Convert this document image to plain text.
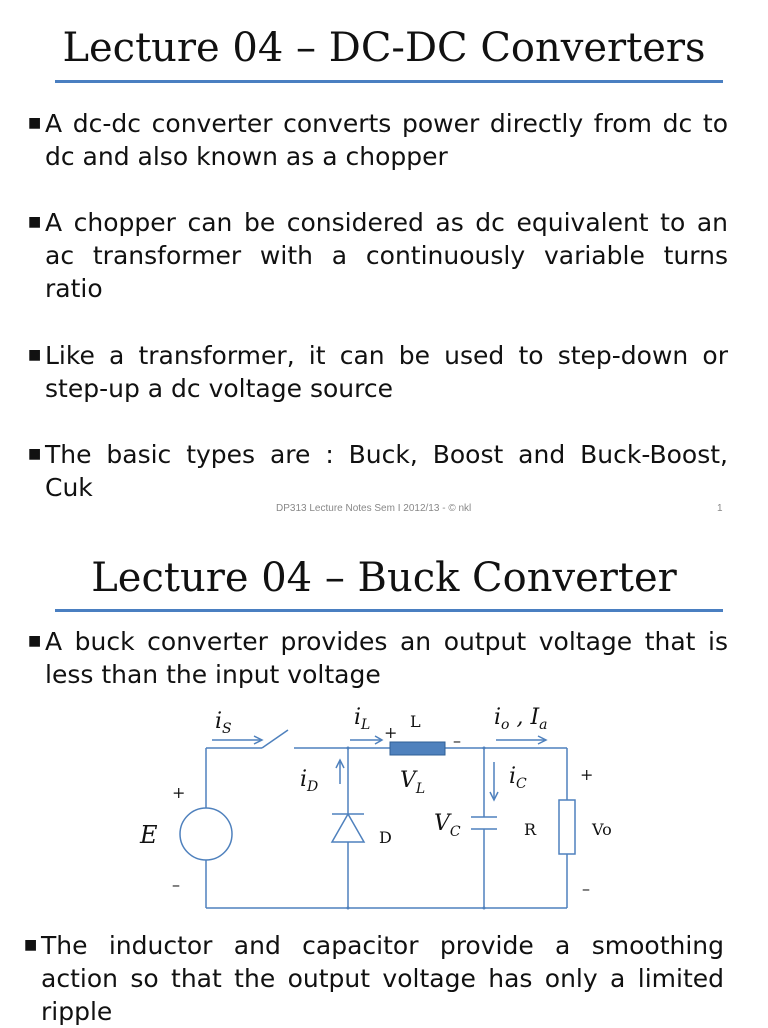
Lecture 04 – DC-DC Converters
■ A dc-dc converter converts power directly from dc to dc and also known as a chopper
■ A chopper can be considered as dc equivalent to an ac transformer with a continuously variable turns ratio
■ Like a transformer, it can be used to step-down or step-up a dc voltage source
■ The basic types are : Buck, Boost and Buck-Boost, Cuk
DP313 Lecture Notes Sem I 2012/13 - © nkl	1
Lecture 04 – Buck Converter
■ A buck converter provides an output voltage that is less than the input voltage
E
$i_S$	$i_L$	$i_o$ , $I_a$
$i_D$	$V_L$	$i_C$
$V_C$
+
–
+
L
–
D	R	Vo
+
–
■ The inductor and capacitor provide a smoothing action so that the output voltage has only a limited ripple
